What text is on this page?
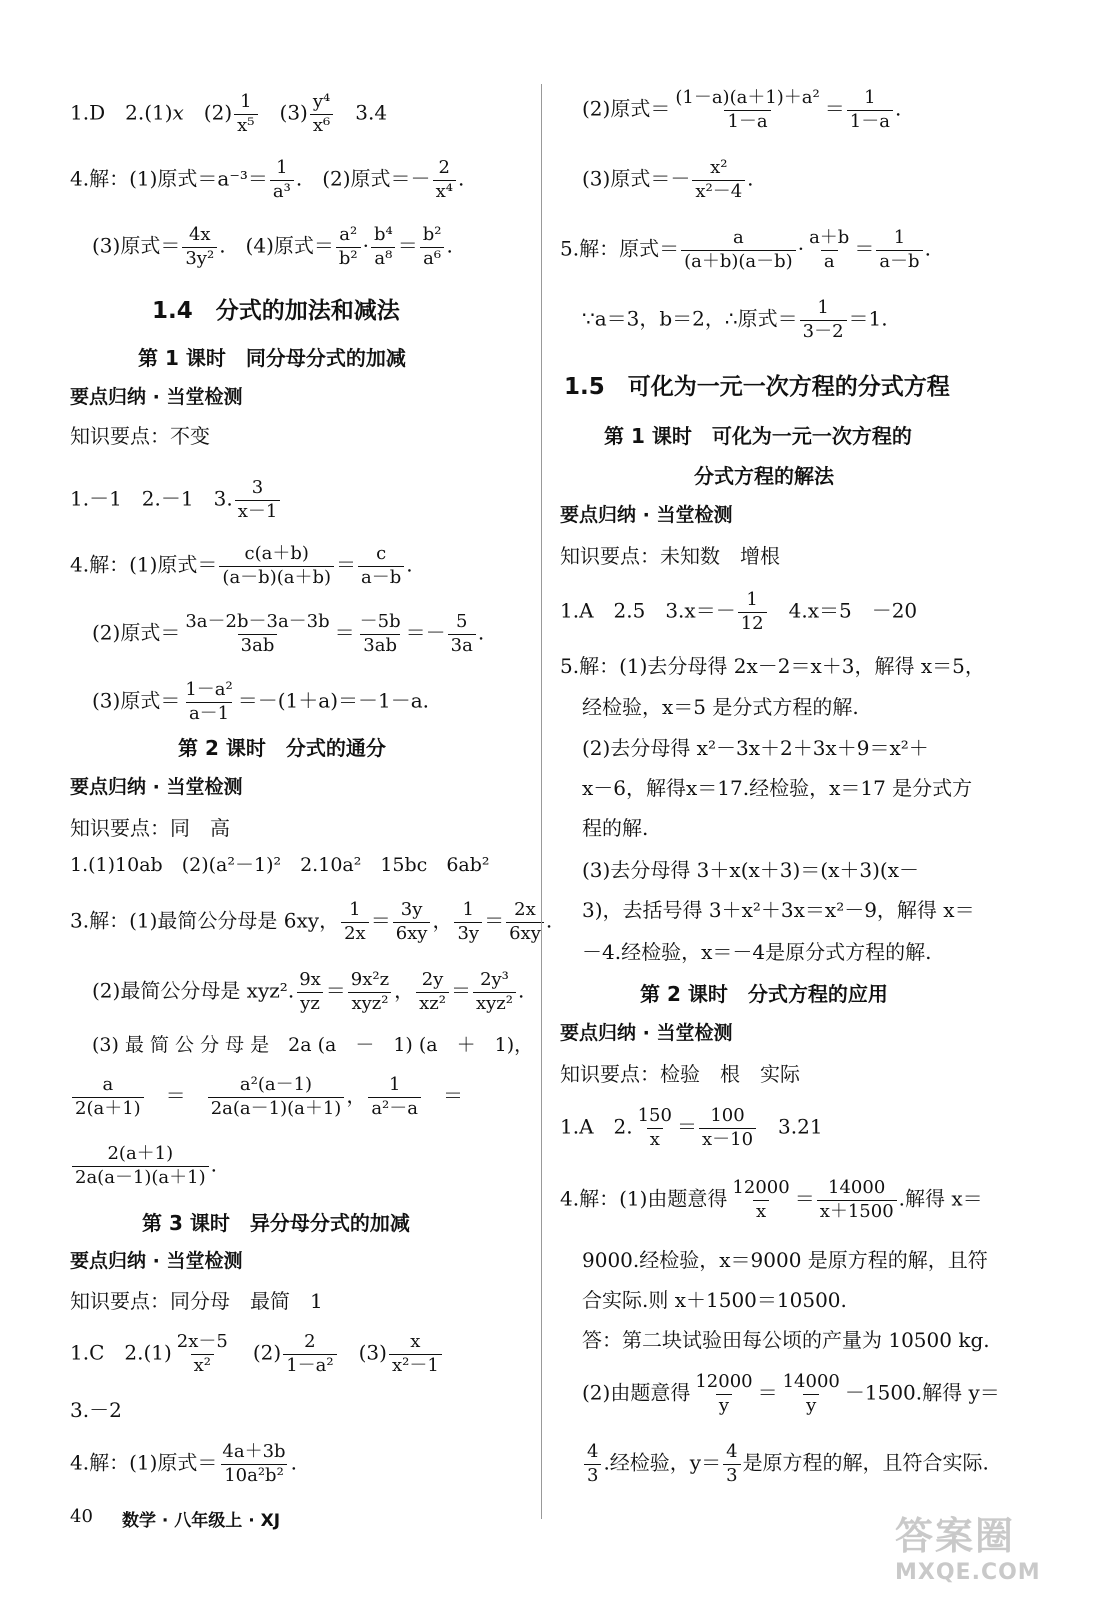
1.D　2.(1)x　$(2) \frac{1}{\text{x⁵}}$ 　$(3) \frac{\text{y⁴}}{\text{x⁶}}$ 　3.4
4.解：(1)原式$=a^{-3}= \frac{1}{\text{a³}}$ .　(2)原式＝－ $\frac{2}{\text{x⁴}}$ .
(3)原式＝ $\frac{4x}{\text{3y²}}$ .　(4)原式＝ $\frac{\text{a²}}{\text{b²}} \cdot \frac{\text{b⁴}}{\text{a⁸}} = \frac{\text{b²}}{\text{a⁶}}$ .
1.4　分式的加法和减法
第 1 课时　同分母分式的加减
要点归纳 · 当堂检测
知识要点：不变
1.－1　2.－1　3. $\frac{3}{x-1}$
4.解：(1)原式＝ $\frac{c(a+b)}{(a-b)(a+b)} = \frac{c}{a-b}$ .
(2)原式＝ $\frac{3a-2b-3a-3b}{3ab} = \frac{-5b}{3ab} =- \frac{5}{3a}$ .
(3)原式＝ $\frac{\text{1－a²}}{a-1} =-(1+a)=-1-a$.
第 2 课时　分式的通分
要点归纳 · 当堂检测
知识要点：同　高
1.(1)10ab　(2)(a²－1)²　2.10a²　15bc　6ab²
3.解：(1)最简公分母是 6xy， $\frac{1}{2x} = \frac{3y}{6xy}$ ， $\frac{1}{3y} = \frac{2x}{6xy}$ .
(2)最简公分母是 xyz². $\frac{9x}{yz} = \frac{\text{9x²z}}{\text{xyz²}}$ ， $\frac{2y}{\text{xz²}} = \frac{\text{2y³}}{\text{xyz²}}$ .
(3) 最 简 公 分 母 是　2a (a　－　1) (a　＋　1)，
$\frac{a}{2(a+1)}$ 　＝　 $\frac{\text{a²(a－1)}}{2a(a-1)(a+1)}$ ， $\frac{1}{\text{a²－a}}$ 　＝
$\frac{2(a+1)}{2a(a-1)(a+1)}$ .
第 3 课时　异分母分式的加减
要点归纳 · 当堂检测
知识要点：同分母　最简　1
1.C　$2.(1) \frac{2x-5}{\text{x²}}$ 　$(2) \frac{2}{\text{1－a²}}$ 　$(3) \frac{x}{\text{x²－1}}$
3.－2
4.解：(1)原式＝ $\frac{4a+3b}{\text{10a²b²}}$ .
(2)原式＝ $\frac{\text{(1－a)(a＋1)＋a²}}{1-a} = \frac{1}{1-a}$ .
(3)原式＝－ $\frac{\text{x²}}{\text{x²－4}}$ .
5.解：原式＝ $\frac{a}{(a+b)(a-b)} \cdot \frac{a+b}{a} = \frac{1}{a-b}$ .
∵a＝3，b＝2，∴原式＝ $\frac{1}{3-2} =1$.
1.5　可化为一元一次方程的分式方程
第 1 课时　可化为一元一次方程的
分式方程的解法
要点归纳 · 当堂检测
知识要点：未知数　增根
1.A　2.5　$3.x=- \frac{1}{12}$ 　4.x＝5　－20
5.解：(1)去分母得 2x－2＝x＋3，解得 x＝5，
经检验，x＝5 是分式方程的解.
(2)去分母得 x²－3x＋2＋3x＋9＝x²＋
x－6，解得x＝17.经检验，x＝17 是分式方
程的解.
(3)去分母得 3＋x(x＋3)＝(x＋3)(x－
3)，去括号得 3＋x²＋3x＝x²－9，解得 x＝
－4.经检验，x＝－4是原分式方程的解.
第 2 课时　分式方程的应用
要点归纳 · 当堂检测
知识要点：检验　根　实际
1.A　2. $\frac{150}{x} = \frac{100}{x-10}$ 　3.21
4.解：(1)由题意得 $\frac{12000}{x} = \frac{14000}{x+1500}$ .解得 x＝
9000.经检验，x＝9000 是原方程的解，且符
合实际.则 x＋1500＝10500.
答：第二块试验田每公顷的产量为 10500 kg.
(2)由题意得 $\frac{12000}{y} = \frac{14000}{y} -1500$.解得 y＝
$\frac{4}{3}$ .经检验，$y= \frac{4}{3}$ 是原方程的解，且符合实际.
40 数学 · 八年级上 · XJ	答案圈
MXQE.COM
